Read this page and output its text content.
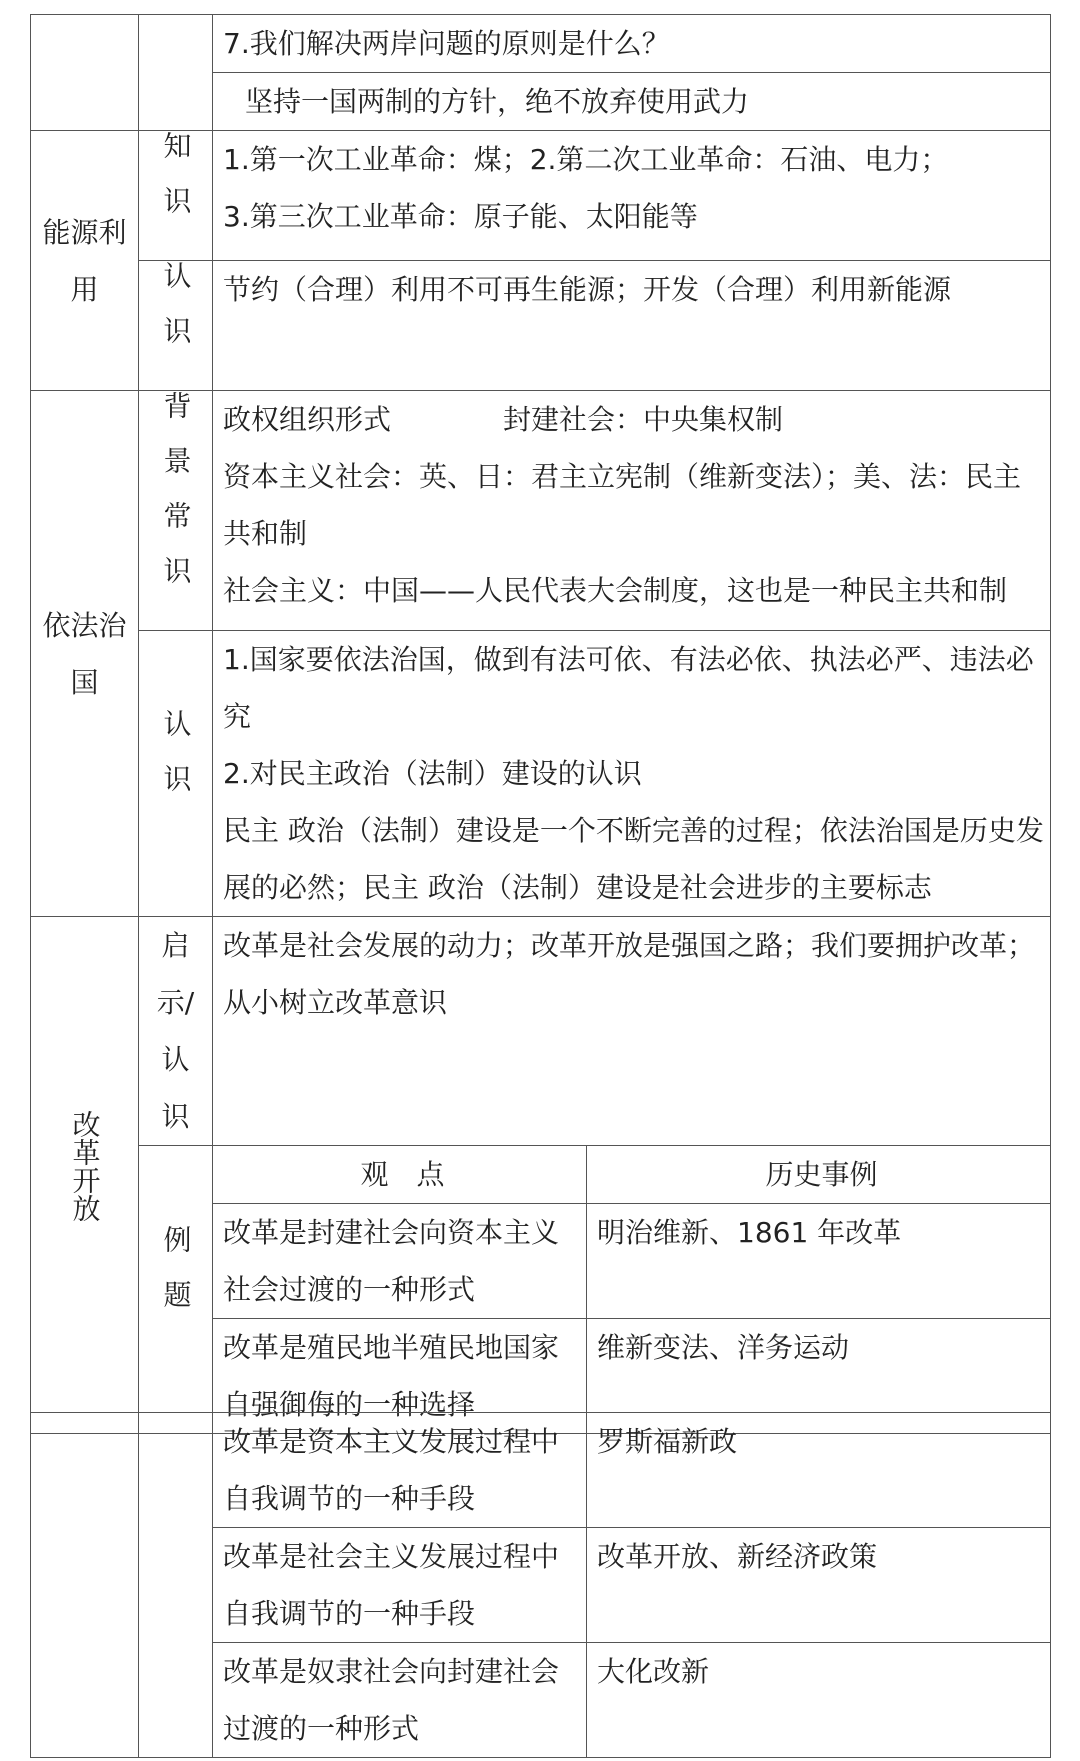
		7.我们解决两岸问题的原则是什么？	
		坚持一国两制的方针，绝不放弃使用武力	
能源利用	知识	1.第一次工业革命：煤；2.第二次工业革命：石油、电力；
3.第三次工业革命：原子能、太阳能等	

	认识	节约（合理）利用不可再生能源；开发（合理）利用新能源	
依法治国	背景常识	政权组织形式　　　　封建社会：中央集权制
资本主义社会：英、日：君主立宪制（维新变法）；美、法：民主共和制
社会主义：中国——人民代表大会制度，这也是一种民主共和制	

	认识	1.国家要依法治国，做到有法可依、有法必依、执法必严、违法必究
2.对民主政治（法制）建设的认识
民主 政治（法制）建设是一个不断完善的过程；依法治国是历史发展的必然；民主 政治（法制）建设是社会进步的主要标志	

改革开放	启示/认识	改革是社会发展的动力；改革开放是强国之路；我们要拥护改革；从小树立改革意识	
	例题	观　点	历史事例
		改革是封建社会向资本主义社会过渡的一种形式	明治维新、1861 年改革
		改革是殖民地半殖民地国家自强御侮的一种选择	维新变法、洋务运动
		改革是资本主义发展过程中自我调节的一种手段	罗斯福新政
		改革是社会主义发展过程中自我调节的一种手段	改革开放、新经济政策
		改革是奴隶社会向封建社会过渡的一种形式	大化改新
